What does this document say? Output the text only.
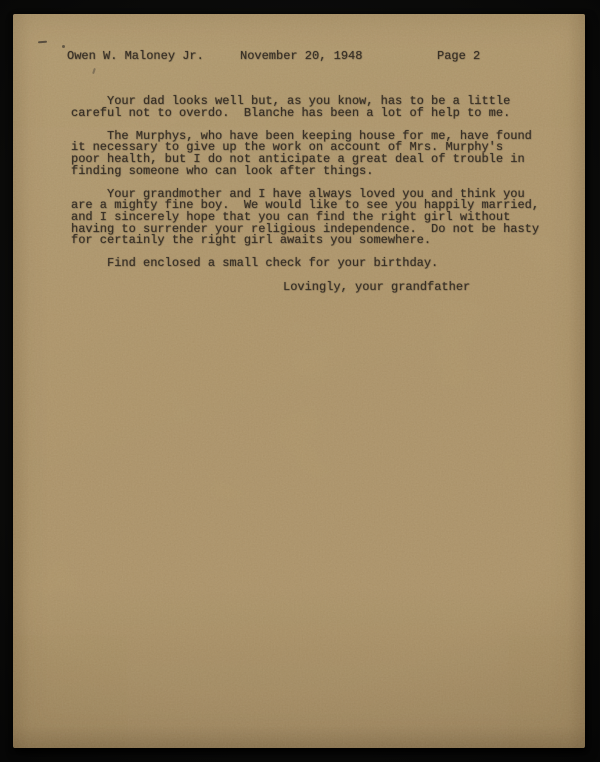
Owen W. Maloney Jr.	November 20, 1948	Page 2
Your dad looks well but, as you know, has to be a little
careful not to overdo.  Blanche has been a lot of help to me.
The Murphys, who have been keeping house for me, have found
it necessary to give up the work on account of Mrs. Murphy's
poor health, but I do not anticipate a great deal of trouble in
finding someone who can look after things.
Your grandmother and I have always loved you and think you
are a mighty fine boy.  We would like to see you happily married,
and I sincerely hope that you can find the right girl without
having to surrender your religious independence.  Do not be hasty
for certainly the right girl awaits you somewhere.
Find enclosed a small check for your birthday.
Lovingly, your grandfather
